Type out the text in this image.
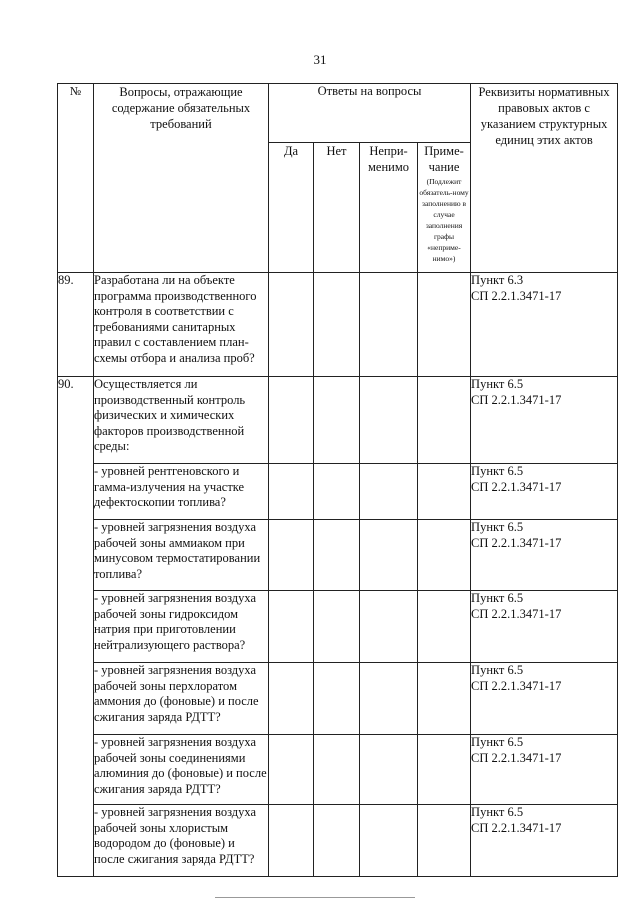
31
№	Вопросы, отражающие содержание обязательных требований	Ответы на вопросы				Реквизиты нормативных правовых актов с указанием структурных единиц этих актов
		Да	Нет	Непри-менимо	Приме-чание
(Подлежит обязатель-ному заполнению в случае заполнения графы «неприме-нимо»)	

89.	Разработана ли на объекте программа производственного контроля в соответствии с требованиями санитарных правил с составлением план-схемы отбора и анализа проб?					Пункт 6.3
СП 2.2.1.3471-17

90.	Осуществляется ли производственный контроль физических и химических факторов производственной среды:					Пункт 6.5
СП 2.2.1.3471-17

	- уровней рентгеновского и гамма-излучения на участке дефектоскопии топлива?					Пункт 6.5
СП 2.2.1.3471-17

	- уровней загрязнения воздуха рабочей зоны аммиаком при минусовом термостатировании топлива?					Пункт 6.5
СП 2.2.1.3471-17

	- уровней загрязнения воздуха рабочей зоны гидроксидом натрия при приготовлении нейтрализующего раствора?					Пункт 6.5
СП 2.2.1.3471-17

	- уровней загрязнения воздуха рабочей зоны перхлоратом аммония до (фоновые) и после сжигания заряда РДТТ?					Пункт 6.5
СП 2.2.1.3471-17

	- уровней загрязнения воздуха рабочей зоны соединениями алюминия до (фоновые) и после сжигания заряда РДТТ?					Пункт 6.5
СП 2.2.1.3471-17

	- уровней загрязнения воздуха рабочей зоны хлористым водородом до (фоновые) и после сжигания заряда РДТТ?					Пункт 6.5
СП 2.2.1.3471-17
